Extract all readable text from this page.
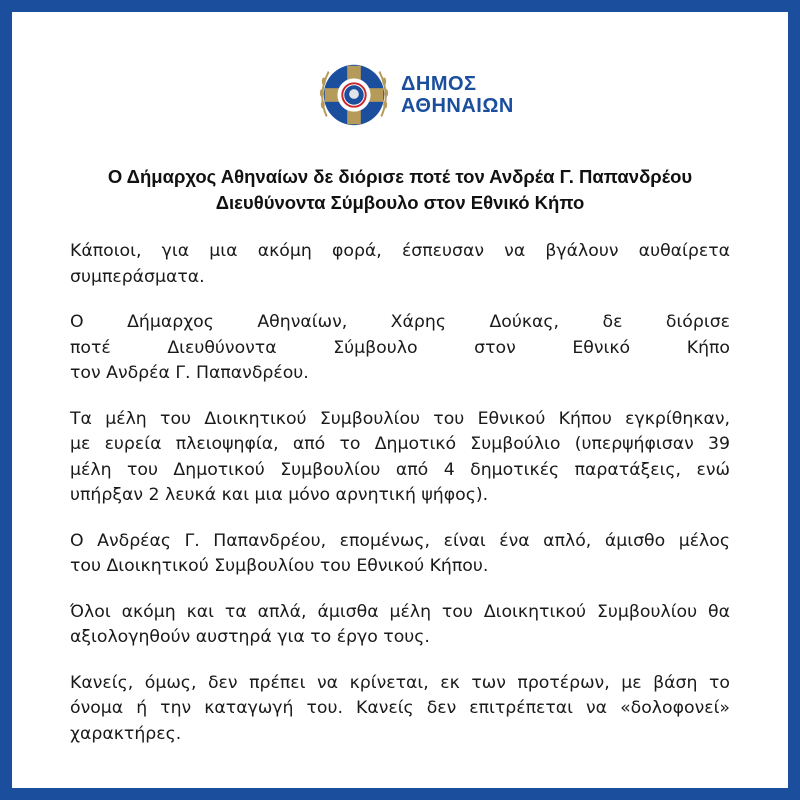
ΔΗΜΟΣ
ΑΘΗΝΑΙΩΝ
Ο Δήμαρχος Αθηναίων δε διόρισε ποτέ τον Ανδρέα Γ. Παπανδρέου
Διευθύνοντα Σύμβουλο στον Εθνικό Κήπο
Κάποιοι, για μια ακόμη φορά, έσπευσαν να βγάλουν αυθαίρετα
συμπεράσματα.
Ο Δήμαρχος Αθηναίων, Χάρης Δούκας, δε διόρισε
ποτέ Διευθύνοντα Σύμβουλο στον Εθνικό Κήπο
τον Ανδρέα Γ. Παπανδρέου.
Τα μέλη του Διοικητικού Συμβουλίου του Εθνικού Κήπου εγκρίθηκαν,
με ευρεία πλειοψηφία, από το Δημοτικό Συμβούλιο (υπερψήφισαν 39
μέλη του Δημοτικού Συμβουλίου από 4 δημοτικές παρατάξεις, ενώ
υπήρξαν 2 λευκά και μια μόνο αρνητική ψήφος).
Ο Ανδρέας Γ. Παπανδρέου, επομένως, είναι ένα απλό, άμισθο μέλος
του Διοικητικού Συμβουλίου του Εθνικού Κήπου.
Όλοι ακόμη και τα απλά, άμισθα μέλη του Διοικητικού Συμβουλίου θα
αξιολογηθούν αυστηρά για το έργο τους.
Κανείς, όμως, δεν πρέπει να κρίνεται, εκ των προτέρων, με βάση το
όνομα ή την καταγωγή του. Κανείς δεν επιτρέπεται να «δολοφονεί»
χαρακτήρες.
